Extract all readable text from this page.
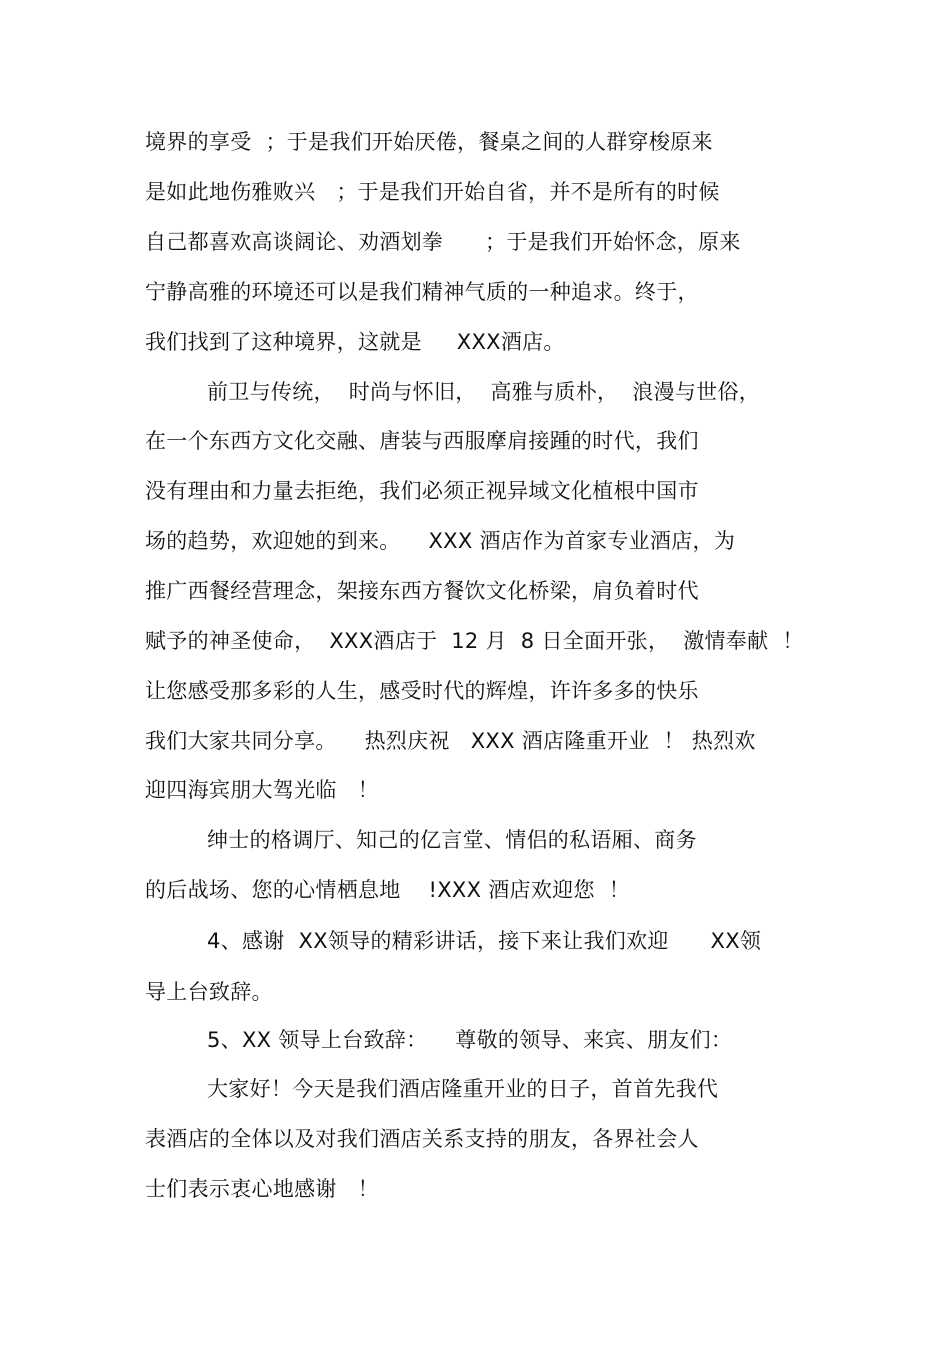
境界的享受  ；于是我们开始厌倦，餐桌之间的人群穿梭原来
是如此地伤雅败兴   ；于是我们开始自省，并不是所有的时候
自己都喜欢高谈阔论、劝酒划拳      ；于是我们开始怀念，原来
宁静高雅的环境还可以是我们精神气质的一种追求。终于，
我们找到了这种境界，这就是     XXX酒店。
前卫与传统，  时尚与怀旧，  高雅与质朴，  浪漫与世俗，
在一个东西方文化交融、唐装与西服摩肩接踵的时代，我们
没有理由和力量去拒绝，我们必须正视异域文化植根中国市
场的趋势，欢迎她的到来。    XXX 酒店作为首家专业酒店，为
推广西餐经营理念，架接东西方餐饮文化桥梁，肩负着时代
赋予的神圣使命，  XXX酒店于  12 月  8 日全面开张，  激情奉献  ！
让您感受那多彩的人生，感受时代的辉煌，许许多多的快乐
我们大家共同分享。    热烈庆祝   XXX 酒店隆重开业  ！ 热烈欢
迎四海宾朋大驾光临   ！
绅士的格调厅、知己的亿言堂、情侣的私语厢、商务
的后战场、您的心情栖息地    !XXX 酒店欢迎您  ！
4、感谢  XX领导的精彩讲话，接下来让我们欢迎      XX领
导上台致辞。
5、XX 领导上台致辞：    尊敬的领导、来宾、朋友们：
大家好！今天是我们酒店隆重开业的日子，首首先我代
表酒店的全体以及对我们酒店关系支持的朋友，各界社会人
士们表示衷心地感谢   ！
